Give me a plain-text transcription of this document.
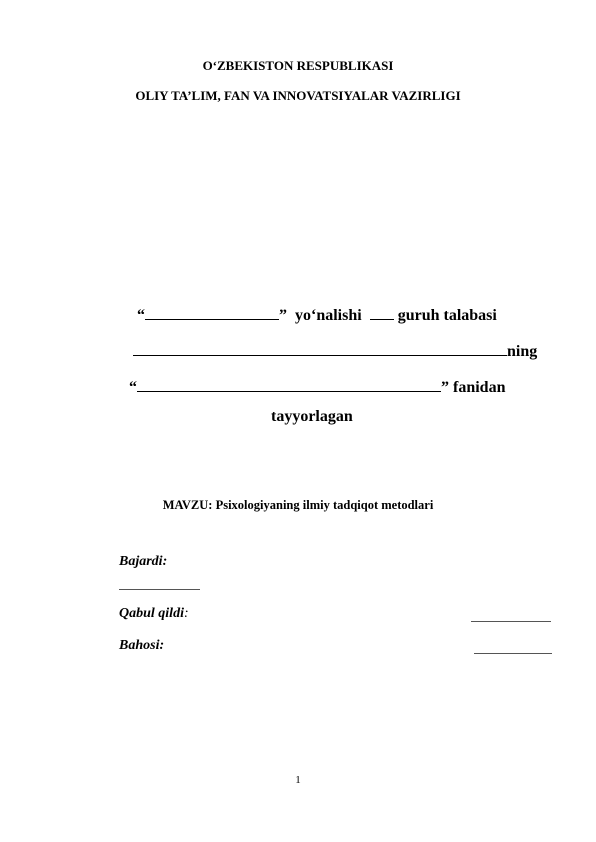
O‘ZBEKISTON RESPUBLIKASI
OLIY TA’LIM, FAN VA INNOVATSIYALAR VAZIRLIGI
“	” yo‘nalishi guruh talabasi
ning
“	” fanidan
tayyorlagan
MAVZU: Psixologiyaning ilmiy tadqiqot metodlari
Bajardi:
Qabul qildi:
Bahosi:
1
